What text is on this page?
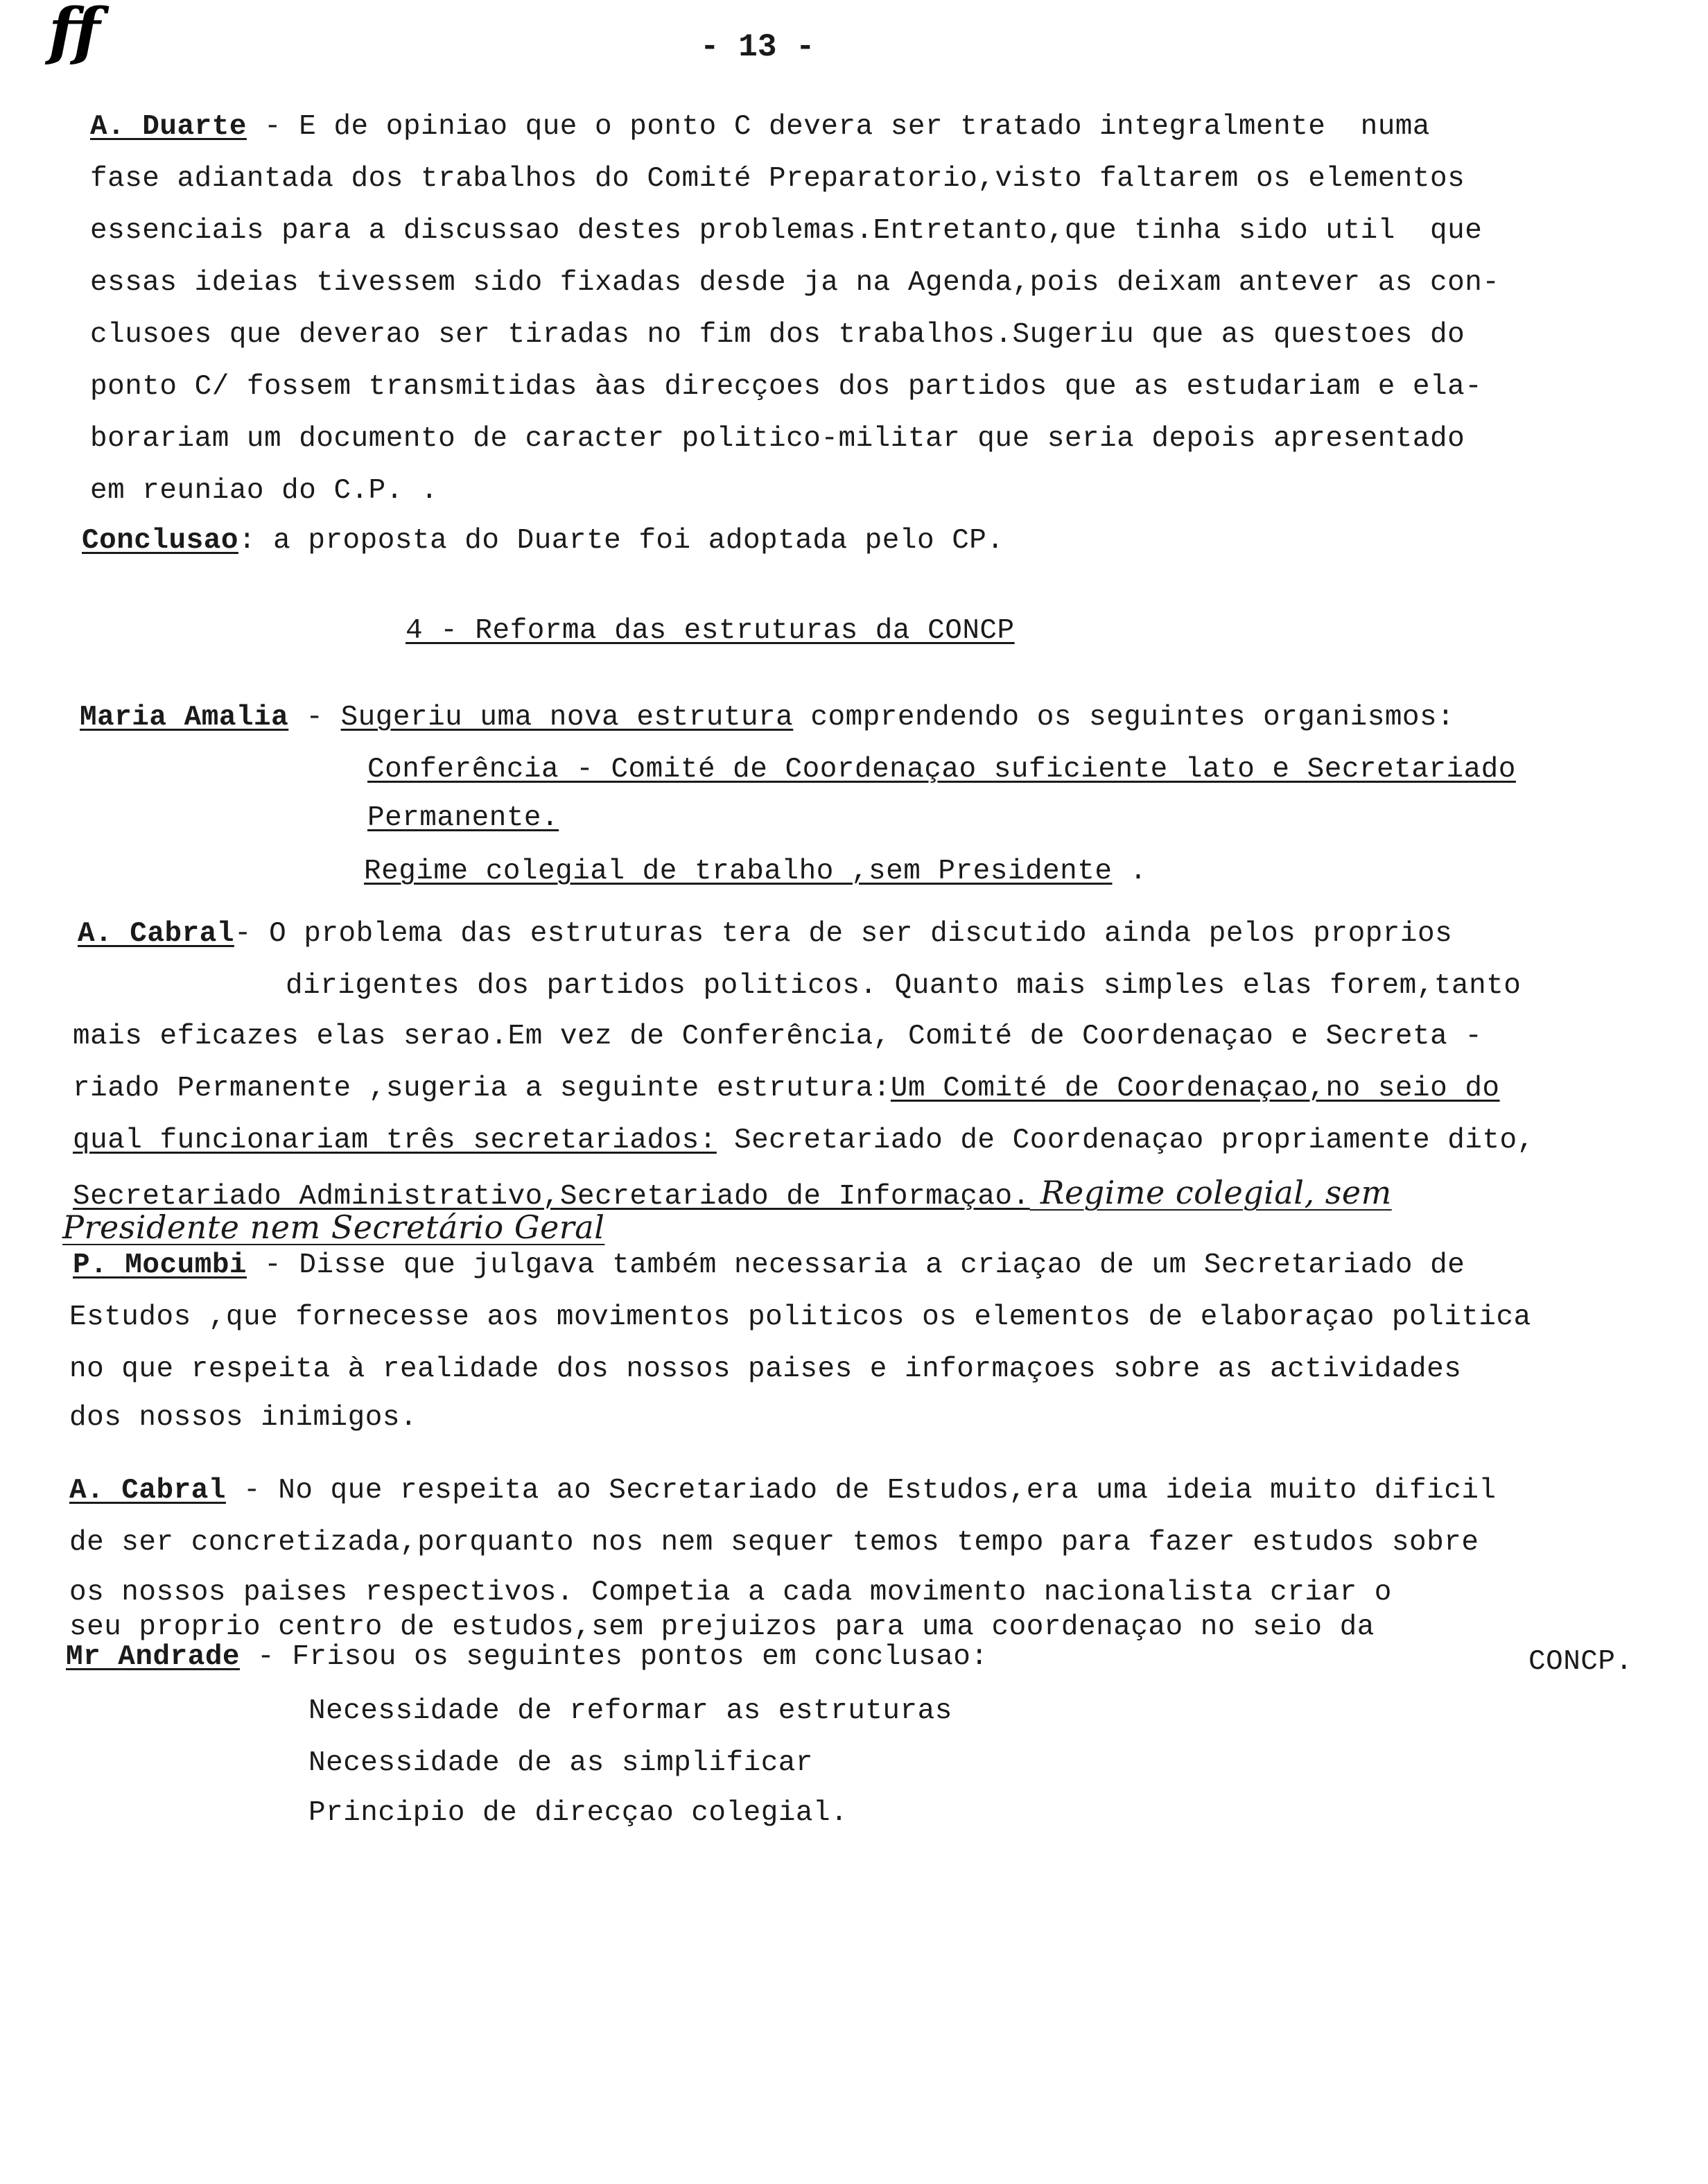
ff	- 13 -
A. Duarte - E de opiniao que o ponto C devera ser tratado integralmente  numa
fase adiantada dos trabalhos do Comité Preparatorio,visto faltarem os elementos
essenciais para a discussao destes problemas.Entretanto,que tinha sido util  que
essas ideias tivessem sido fixadas desde ja na Agenda,pois deixam antever as con-
clusoes que deverao ser tiradas no fim dos trabalhos.Sugeriu que as questoes do
ponto C/ fossem transmitidas àas direcçoes dos partidos que as estudariam e ela-
borariam um documento de caracter politico-militar que seria depois apresentado
em reuniao do C.P. .
Conclusao: a proposta do Duarte foi adoptada pelo CP.
4 - Reforma das estruturas da CONCP
Maria Amalia - Sugeriu uma nova estrutura comprendendo os seguintes organismos:
Conferência - Comité de Coordenaçao suficiente lato e Secretariado
Permanente.
Regime colegial de trabalho ,sem Presidente .
A. Cabral- O problema das estruturas tera de ser discutido ainda pelos proprios
dirigentes dos partidos politicos. Quanto mais simples elas forem,tanto
mais eficazes elas serao.Em vez de Conferência, Comité de Coordenaçao e Secreta -
riado Permanente ,sugeria a seguinte estrutura:Um Comité de Coordenaçao,no seio do
qual funcionariam três secretariados: Secretariado de Coordenaçao propriamente dito,
Secretariado Administrativo,Secretariado de Informaçao. Regime colegial, sem
Presidente nem Secretário Geral
P. Mocumbi - Disse que julgava também necessaria a criaçao de um Secretariado de
Estudos ,que fornecesse aos movimentos politicos os elementos de elaboraçao politica
no que respeita à realidade dos nossos paises e informaçoes sobre as actividades
dos nossos inimigos.
A. Cabral - No que respeita ao Secretariado de Estudos,era uma ideia muito dificil
de ser concretizada,porquanto nos nem sequer temos tempo para fazer estudos sobre
os nossos paises respectivos. Competia a cada movimento nacionalista criar o
seu proprio centro de estudos,sem prejuizos para uma coordenaçao no seio da
CONCP.
Mr Andrade - Frisou os seguintes pontos em conclusao:
Necessidade de reformar as estruturas
Necessidade de as simplificar
Principio de direcçao colegial.
